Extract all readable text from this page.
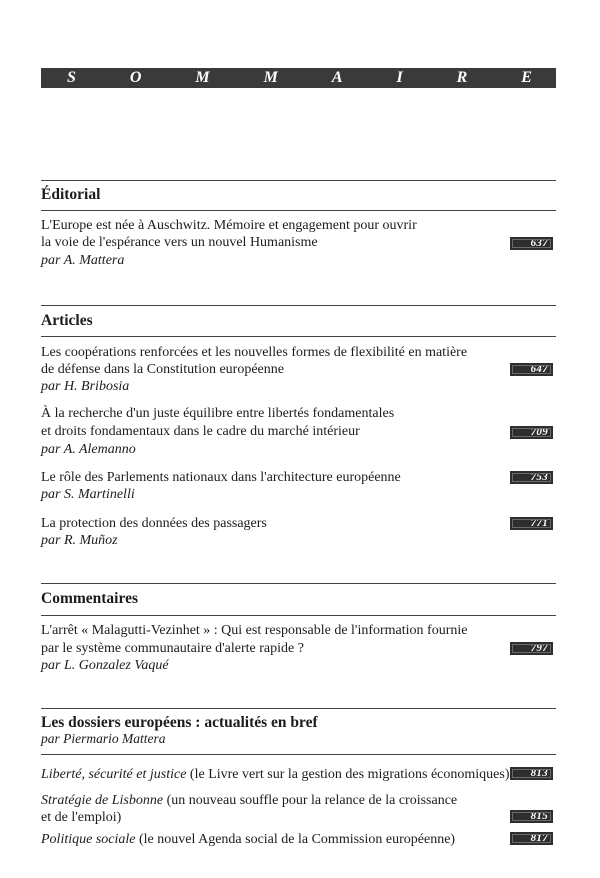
S	O	M	M	A	I	R	E
Éditorial
L'Europe est née à Auschwitz. Mémoire et engagement pour ouvrir
la voie de l'espérance vers un nouvel Humanisme	637
par A. Mattera
Articles
Les coopérations renforcées et les nouvelles formes de flexibilité en matière
de défense dans la Constitution européenne	647
par H. Bribosia
À la recherche d'un juste équilibre entre libertés fondamentales
et droits fondamentaux dans le cadre du marché intérieur	709
par A. Alemanno
Le rôle des Parlements nationaux dans l'architecture européenne	753
par S. Martinelli
La protection des données des passagers	771
par R. Muñoz
Commentaires
L'arrêt « Malagutti-Vezinhet » : Qui est responsable de l'information fournie
par le système communautaire d'alerte rapide ?	797
par L. Gonzalez Vaqué
Les dossiers européens : actualités en bref
par Piermario Mattera
Liberté, sécurité et justice (le Livre vert sur la gestion des migrations économiques)	813
Stratégie de Lisbonne (un nouveau souffle pour la relance de la croissance
et de l'emploi)	815
Politique sociale (le nouvel Agenda social de la Commission européenne)	817
